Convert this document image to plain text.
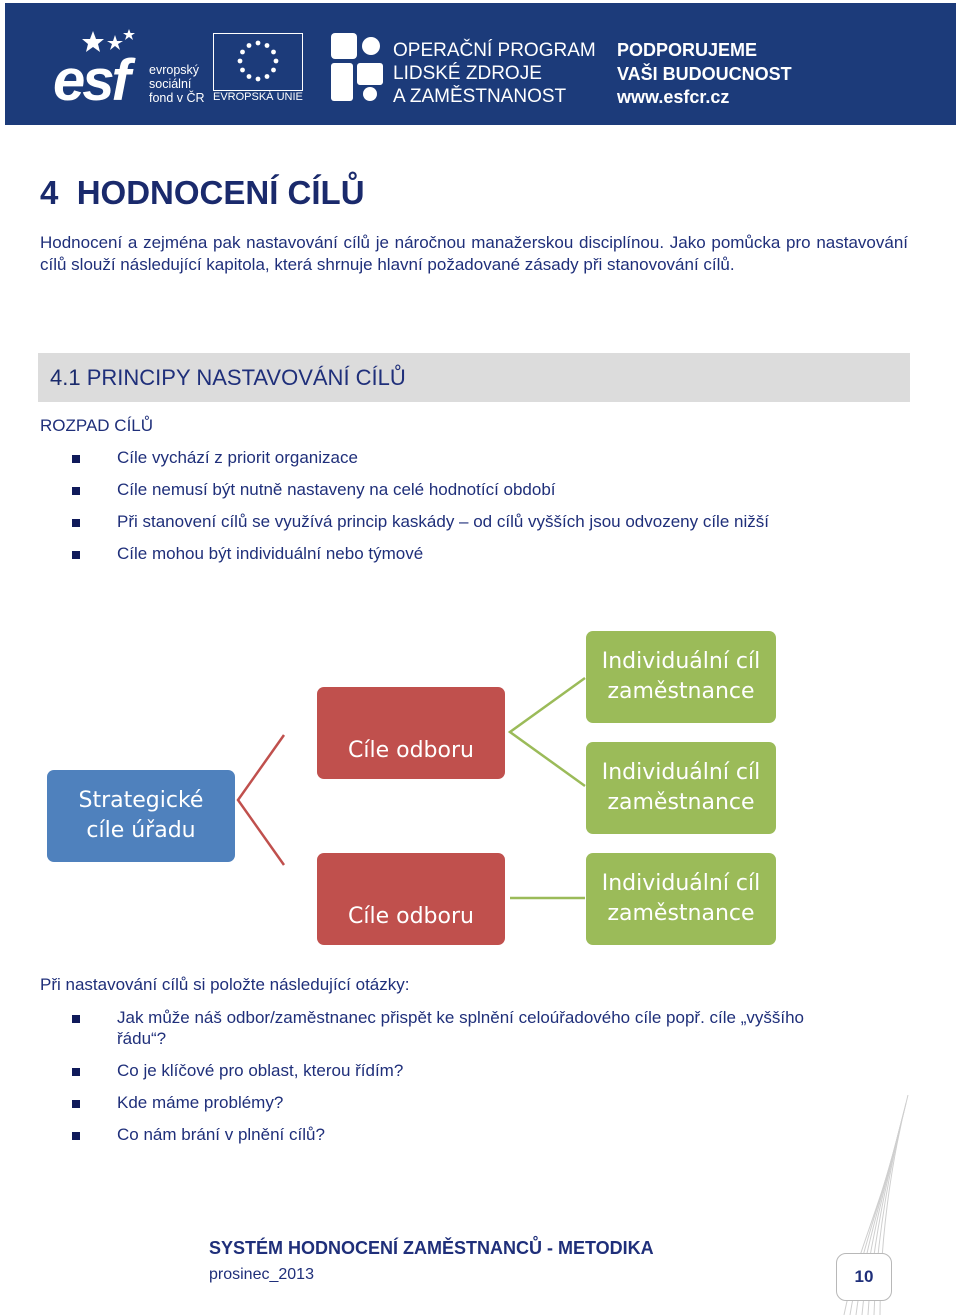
esf evropský
sociální
fond v ČR EVROPSKÁ UNIE
OPERAČNÍ PROGRAM
LIDSKÉ ZDROJE
A ZAMĚSTNANOST
PODPORUJEME
VAŠI BUDOUCNOST
www.esfcr.cz
4  HODNOCENÍ CÍLŮ
Hodnocení a zejména pak nastavování cílů je náročnou manažerskou disciplínou. Jako pomůcka pro nastavování cílů slouží následující kapitola, která shrnuje hlavní požadované zásady při stanovování cílů.
4.1 PRINCIPY NASTAVOVÁNÍ CÍLŮ
ROZPAD CÍLŮ
Cíle vychází z priorit organizace
Cíle nemusí být nutně nastaveny na celé hodnotící období
Při stanovení cílů se využívá princip kaskády – od cílů vyšších jsou odvozeny cíle nižší
Cíle mohou být individuální nebo týmové
Strategické cíle úřadu
Cíle odboru
Cíle odboru
Individuální cíl zaměstnance
Individuální cíl zaměstnance
Individuální cíl zaměstnance
Při nastavování cílů si položte následující otázky:
Jak může náš odbor/zaměstnanec přispět ke splnění celoúřadového cíle popř. cíle „vyššího
řádu“?
Co je klíčové pro oblast, kterou řídím?
Kde máme problémy?
Co nám brání v plnění cílů?
SYSTÉM HODNOCENÍ ZAMĚSTNANCŮ - METODIKA
prosinec_2013	10
